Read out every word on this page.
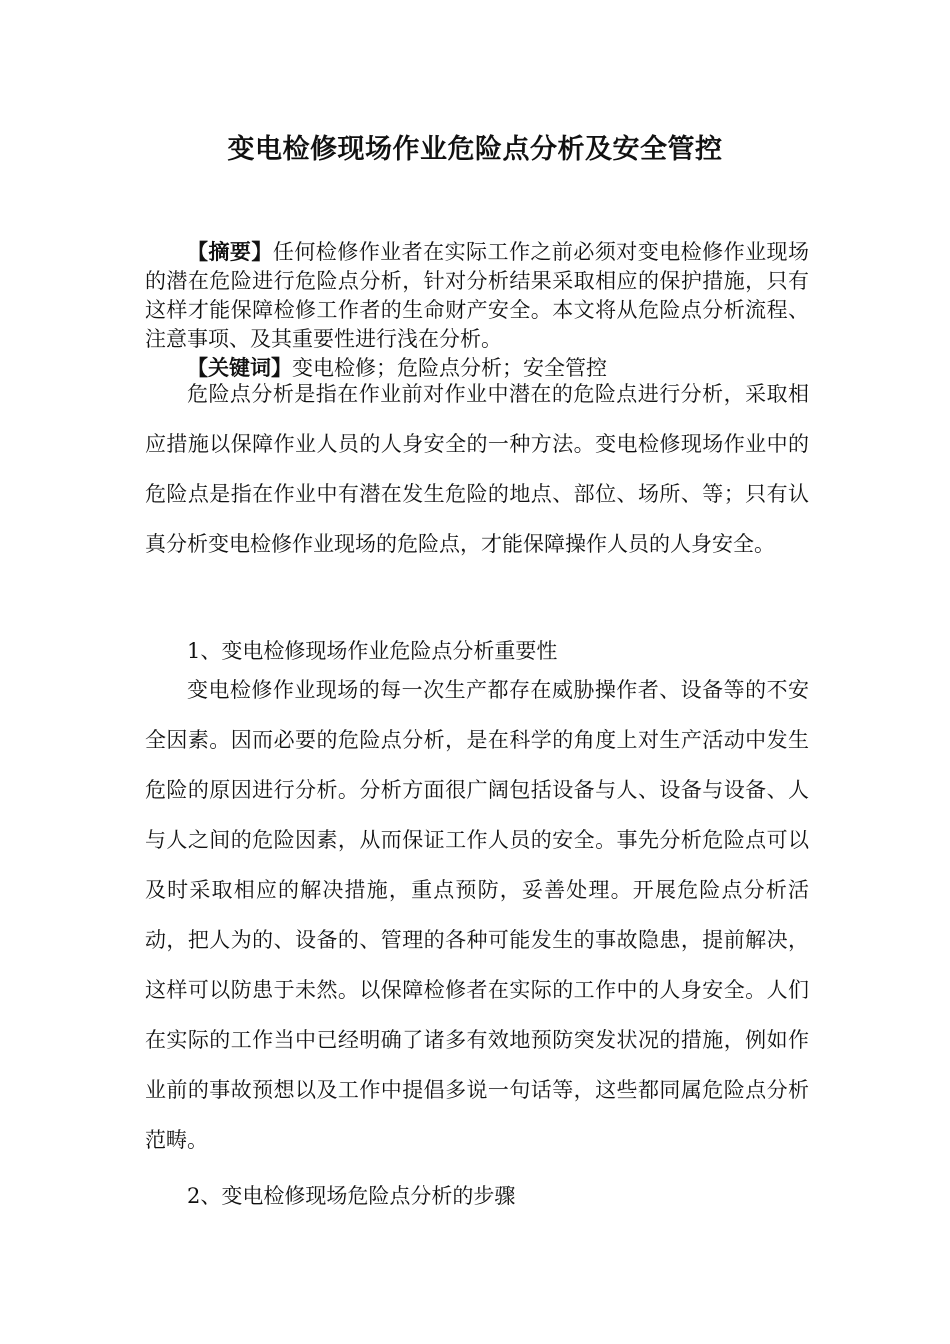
变电检修现场作业危险点分析及安全管控

【摘要】任何检修作业者在实际工作之前必须对变电检修作业现场的潜在危险进行危险点分析，针对分析结果采取相应的保护措施，只有这样才能保障检修工作者的生命财产安全。本文将从危险点分析流程、注意事项、及其重要性进行浅在分析。

【关键词】变电检修；危险点分析；安全管控

危险点分析是指在作业前对作业中潜在的危险点进行分析，采取相应措施以保障作业人员的人身安全的一种方法。变电检修现场作业中的危险点是指在作业中有潜在发生危险的地点、部位、场所、等；只有认真分析变电检修作业现场的危险点，才能保障操作人员的人身安全。

1、变电检修现场作业危险点分析重要性

变电检修作业现场的每一次生产都存在威胁操作者、设备等的不安全因素。因而必要的危险点分析，是在科学的角度上对生产活动中发生危险的原因进行分析。分析方面很广阔包括设备与人、设备与设备、人与人之间的危险因素，从而保证工作人员的安全。事先分析危险点可以及时采取相应的解决措施，重点预防，妥善处理。开展危险点分析活动，把人为的、设备的、管理的各种可能发生的事故隐患，提前解决，这样可以防患于未然。以保障检修者在实际的工作中的人身安全。人们在实际的工作当中已经明确了诸多有效地预防突发状况的措施，例如作业前的事故预想以及工作中提倡多说一句话等，这些都同属危险点分析范畴。

2、变电检修现场危险点分析的步骤
